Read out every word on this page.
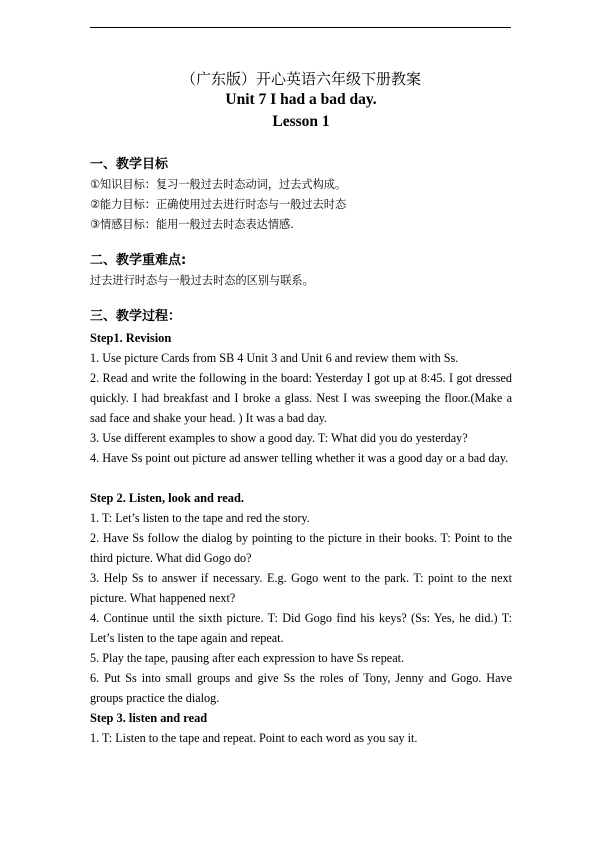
（广东版）开心英语六年级下册教案
Unit 7 I had a bad day.
Lesson 1
一、教学目标
①知识目标：复习一般过去时态动词，过去式构成。
②能力目标：正确使用过去进行时态与一般过去时态
③情感目标：能用一般过去时态表达情感.
二、教学重难点:
过去进行时态与一般过去时态的区别与联系。
三、教学过程：
Step1. Revision
1. Use picture Cards from SB 4 Unit 3 and Unit 6 and review them with Ss.
2. Read and write the following in the board: Yesterday I got up at 8:45. I got dressed
quickly. I had breakfast and I broke a glass. Nest I was sweeping the floor.(Make a
sad face and shake your head. ) It was a bad day.
3. Use different examples to show a good day. T: What did you do yesterday?
4. Have Ss point out picture ad answer telling whether it was a good day or a bad day.
Step 2. Listen, look and read.
1. T: Let’s listen to the tape and red the story.
2. Have Ss follow the dialog by pointing to the picture in their books. T: Point to the
third picture. What did Gogo do?
3. Help Ss to answer if necessary. E.g. Gogo went to the park. T: point to the next
picture. What happened next?
4. Continue until the sixth picture. T: Did Gogo find his keys? (Ss: Yes, he did.) T:
Let’s listen to the tape again and repeat.
5. Play the tape, pausing after each expression to have Ss repeat.
6. Put Ss into small groups and give Ss the roles of Tony, Jenny and Gogo. Have
groups practice the dialog.
Step 3. listen and read
1. T: Listen to the tape and repeat. Point to each word as you say it.
